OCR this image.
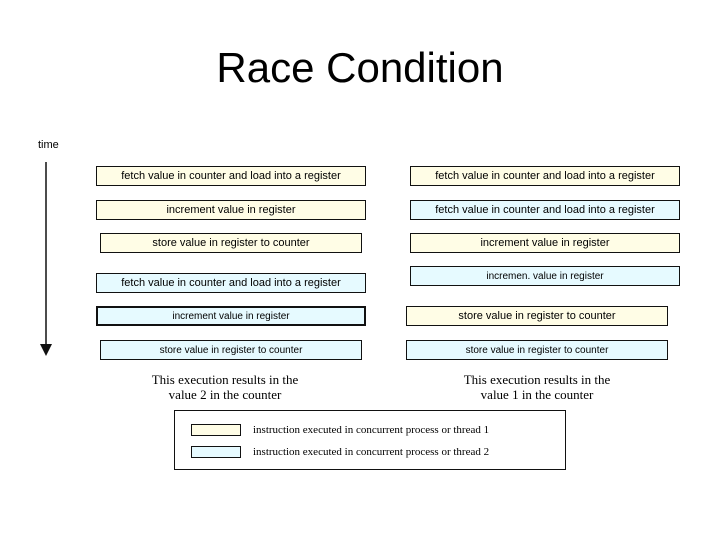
Race Condition
time
fetch value in counter and load into a register
increment value in register
store value in register to counter
fetch value in counter and load into a register
increment value in register
store value in register to counter
fetch value in counter and load into a register
fetch value in counter and load into a register
increment value in register
incremen. value in register
store value in register to counter
store value in register to counter
This execution results in the
value 2 in the counter
This execution results in the
value 1 in the counter
instruction executed in concurrent process or thread 1
instruction executed in concurrent process or thread 2
